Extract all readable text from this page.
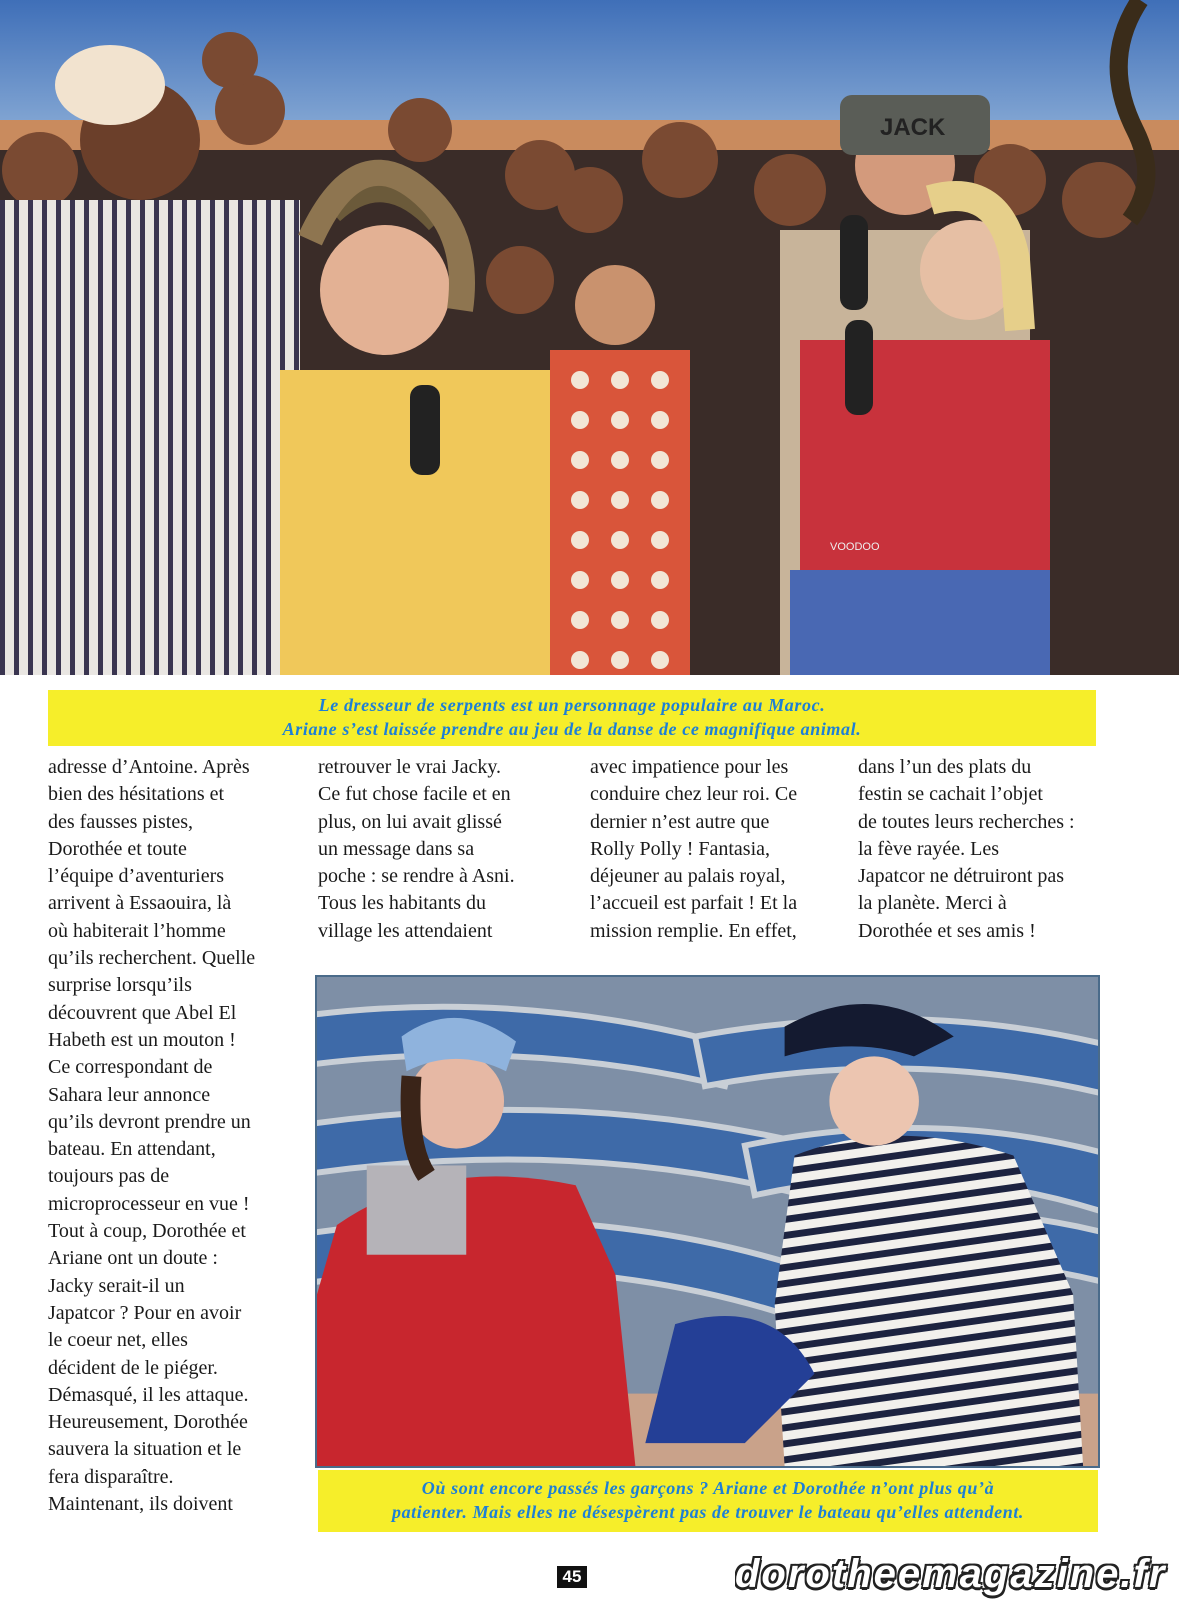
JACK
VOODOO
Le dresseur de serpents est un personnage populaire au Maroc.
Ariane s’est laissée prendre au jeu de la danse de ce magnifique animal.
adresse d’Antoine. Après
bien des hésitations et
des fausses pistes,
Dorothée et toute
l’équipe d’aventuriers
arrivent à Essaouira, là
où habiterait l’homme
qu’ils recherchent. Quelle
surprise lorsqu’ils
découvrent que Abel El
Habeth est un mouton !
Ce correspondant de
Sahara leur annonce
qu’ils devront prendre un
bateau. En attendant,
toujours pas de
microprocesseur en vue !
Tout à coup, Dorothée et
Ariane ont un doute :
Jacky serait-il un
Japatcor ? Pour en avoir
le coeur net, elles
décident de le piéger.
Démasqué, il les attaque.
Heureusement, Dorothée
sauvera la situation et le
fera disparaître.
Maintenant, ils doivent
retrouver le vrai Jacky.
Ce fut chose facile et en
plus, on lui avait glissé
un message dans sa
poche : se rendre à Asni.
Tous les habitants du
village les attendaient
avec impatience pour les
conduire chez leur roi. Ce
dernier n’est autre que
Rolly Polly ! Fantasia,
déjeuner au palais royal,
l’accueil est parfait ! Et la
mission remplie. En effet,
dans l’un des plats du
festin se cachait l’objet
de toutes leurs recherches :
la fève rayée. Les
Japatcor ne détruiront pas
la planète. Merci à
Dorothée et ses amis !
Où sont encore passés les garçons ? Ariane et Dorothée n’ont plus qu’à
patienter. Mais elles ne désespèrent pas de trouver le bateau qu’elles attendent.
45	dorotheemagazine.fr
